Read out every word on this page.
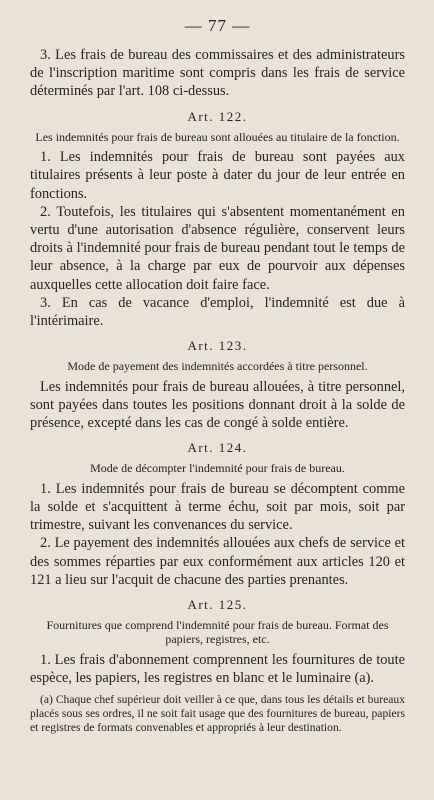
— 77 —

3. Les frais de bureau des commissaires et des administrateurs de l'inscription maritime sont compris dans les frais de service déterminés par l'art. 108 ci-dessus.

Art. 122.
Les indemnités pour frais de bureau sont allouées au titulaire de la fonction.

1. Les indemnités pour frais de bureau sont payées aux titulaires présents à leur poste à dater du jour de leur entrée en fonctions.

2. Toutefois, les titulaires qui s'absentent momentanément en vertu d'une autorisation d'absence régulière, conservent leurs droits à l'indemnité pour frais de bureau pendant tout le temps de leur absence, à la charge par eux de pourvoir aux dépenses auxquelles cette allocation doit faire face.

3. En cas de vacance d'emploi, l'indemnité est due à l'intérimaire.

Art. 123.
Mode de payement des indemnités accordées à titre personnel.

Les indemnités pour frais de bureau allouées, à titre personnel, sont payées dans toutes les positions donnant droit à la solde de présence, excepté dans les cas de congé à solde entière.

Art. 124.
Mode de décompter l'indemnité pour frais de bureau.

1. Les indemnités pour frais de bureau se décomptent comme la solde et s'acquittent à terme échu, soit par mois, soit par trimestre, suivant les convenances du service.

2. Le payement des indemnités allouées aux chefs de service et des sommes réparties par eux conformément aux articles 120 et 121 a lieu sur l'acquit de chacune des parties prenantes.

Art. 125.
Fournitures que comprend l'indemnité pour frais de bureau. Format des papiers, registres, etc.

1. Les frais d'abonnement comprennent les fournitures de toute espèce, les papiers, les registres en blanc et le luminaire (a).

(a) Chaque chef supérieur doit veiller à ce que, dans tous les détails et bureaux placés sous ses ordres, il ne soit fait usage que des fournitures de bureau, papiers et registres de formats convenables et appropriés à leur destination.
